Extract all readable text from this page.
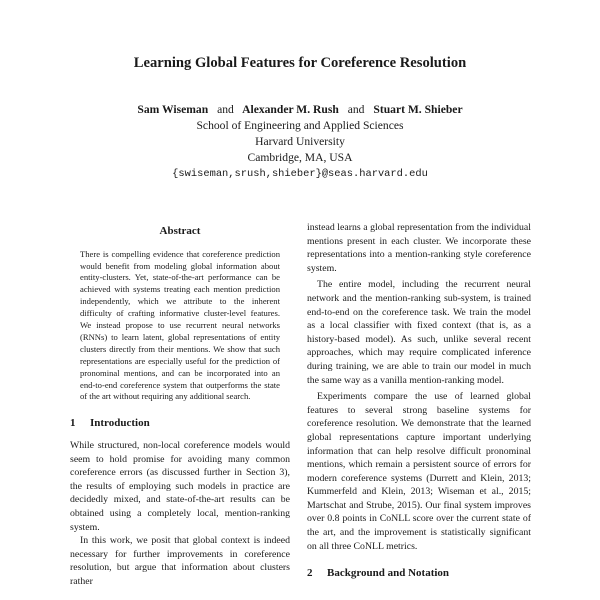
Learning Global Features for Coreference Resolution
Sam Wiseman and Alexander M. Rush and Stuart M. Shieber
School of Engineering and Applied Sciences
Harvard University
Cambridge, MA, USA
{swiseman,srush,shieber}@seas.harvard.edu
Abstract

There is compelling evidence that coreference prediction would benefit from modeling global information about entity-clusters. Yet, state-of-the-art performance can be achieved with systems treating each mention prediction independently, which we attribute to the inherent difficulty of crafting informative cluster-level features. We instead propose to use recurrent neural networks (RNNs) to learn latent, global representations of entity clusters directly from their mentions. We show that such representations are especially useful for the prediction of pronominal mentions, and can be incorporated into an end-to-end coreference system that outperforms the state of the art without requiring any additional search.

1 Introduction

While structured, non-local coreference models would seem to hold promise for avoiding many common coreference errors (as discussed further in Section 3), the results of employing such models in practice are decidedly mixed, and state-of-the-art results can be obtained using a completely local, mention-ranking system.

In this work, we posit that global context is indeed necessary for further improvements in coreference resolution, but argue that information about clusters rather

instead learns a global representation from the individual mentions present in each cluster. We incorporate these representations into a mention-ranking style coreference system.

The entire model, including the recurrent neural network and the mention-ranking sub-system, is trained end-to-end on the coreference task. We train the model as a local classifier with fixed context (that is, as a history-based model). As such, unlike several recent approaches, which may require complicated inference during training, we are able to train our model in much the same way as a vanilla mention-ranking model.

Experiments compare the use of learned global features to several strong baseline systems for coreference resolution. We demonstrate that the learned global representations capture important underlying information that can help resolve difficult pronominal mentions, which remain a persistent source of errors for modern coreference systems (Durrett and Klein, 2013; Kummerfeld and Klein, 2013; Wiseman et al., 2015; Martschat and Strube, 2015). Our final system improves over 0.8 points in CoNLL score over the current state of the art, and the improvement is statistically significant on all three CoNLL metrics.

2 Background and Notation
